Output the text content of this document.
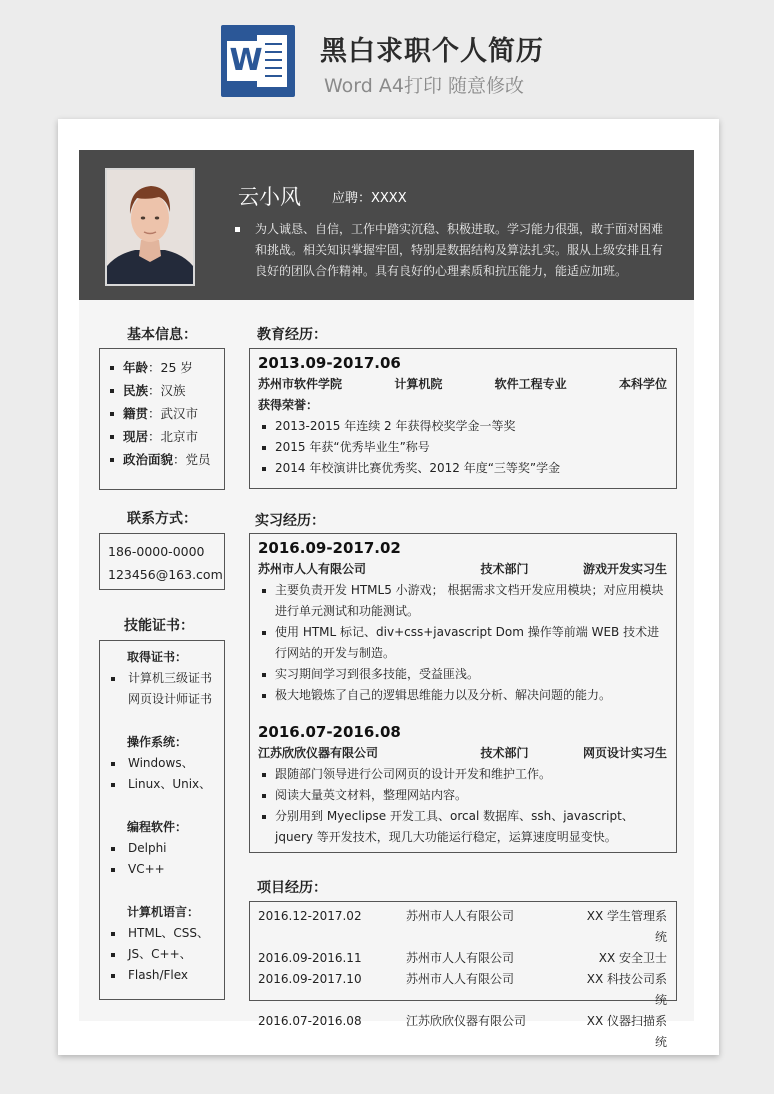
W 黑白求职个人简历
Word A4打印 随意修改
云小风 应聘：XXXX
为人诚恳、自信，工作中踏实沉稳、积极进取。学习能力很强，敢于面对困难和挑战。相关知识掌握牢固，特别是数据结构及算法扎实。服从上级安排且有良好的团队合作精神。具有良好的心理素质和抗压能力，能适应加班。
基本信息：
年龄：25 岁
民族：汉族
籍贯：武汉市
现居：北京市
政治面貌：党员
联系方式：
186-0000-0000
123456@163.com
技能证书：
取得证书：
计算机三级证书
网页设计师证书
操作系统：
Windows、
Linux、Unix、
编程软件：
Delphi
VC++
计算机语言：
HTML、CSS、
JS、C++、
Flash/Flex
教育经历：
2013.09-2017.06
苏州市软件学院	计算机院	软件工程专业	本科学位
获得荣誉：
2013-2015 年连续 2 年获得校奖学金一等奖
2015 年获“优秀毕业生”称号
2014 年校演讲比赛优秀奖、2012 年度“三等奖”学金
实习经历：
2016.09-2017.02
苏州市人人有限公司	技术部门	游戏开发实习生
主要负责开发 HTML5 小游戏； 根据需求文档开发应用模块；对应用模块进行单元测试和功能测试。
使用 HTML 标记、div+css+javascript Dom 操作等前端 WEB 技术进行网站的开发与制造。
实习期间学习到很多技能，受益匪浅。
极大地锻炼了自己的逻辑思维能力以及分析、解决问题的能力。
2016.07-2016.08
江苏欣欣仪器有限公司	技术部门	网页设计实习生
跟随部门领导进行公司网页的设计开发和维护工作。
阅读大量英文材料，整理网站内容。
分别用到 Myeclipse 开发工具、orcal 数据库、ssh、javascript、jquery 等开发技术，现几大功能运行稳定，运算速度明显变快。
项目经历：
2016.12-2017.02	苏州市人人有限公司	XX 学生管理系统
2016.09-2016.11	苏州市人人有限公司	XX 安全卫士
2016.09-2017.10	苏州市人人有限公司	XX 科技公司系统
2016.07-2016.08	江苏欣欣仪器有限公司	XX 仪器扫描系统
